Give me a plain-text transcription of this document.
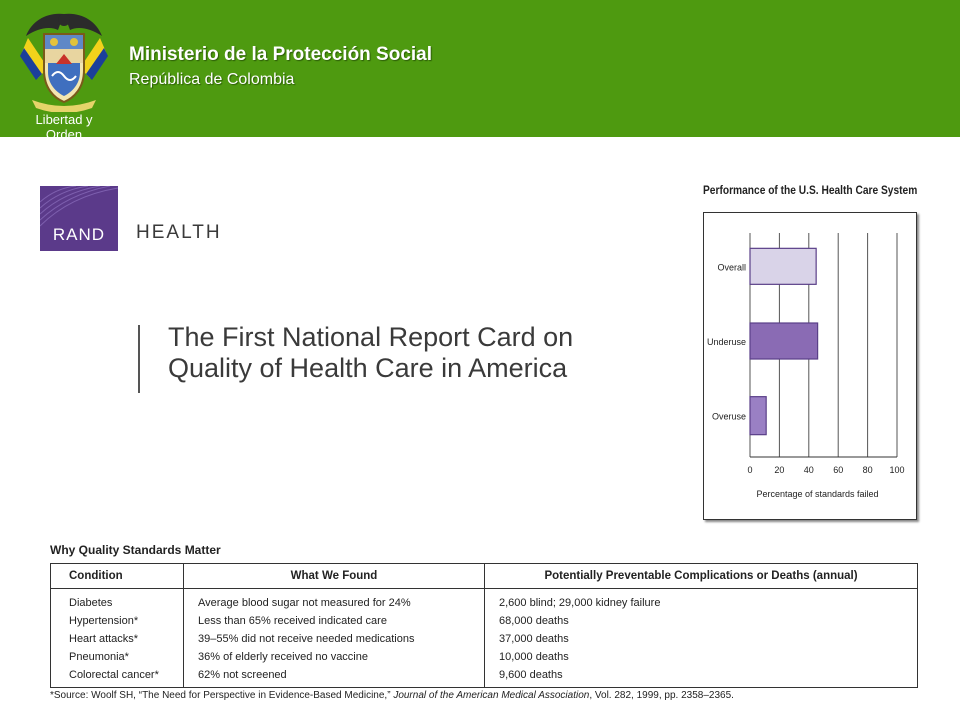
Libertad y Orden
Ministerio de la Protección Social
República de Colombia
RAND	HEALTH
The First National Report Card on
Quality of Health Care in America
Performance of the U.S. Health Care System
Overall
Underuse
Overuse
0 20 40 60 80 100
Percentage of standards failed
Why Quality Standards Matter
Condition	What We Found	Potentially Preventable Complications or Deaths (annual)
Diabetes	Average blood sugar not measured for 24%	2,600 blind; 29,000 kidney failure
Hypertension*	Less than 65% received indicated care	68,000 deaths
Heart attacks*	39–55% did not receive needed medications	37,000 deaths
Pneumonia*	36% of elderly received no vaccine	10,000 deaths
Colorectal cancer*	62% not screened	9,600 deaths
*Source: Woolf SH, “The Need for Perspective in Evidence-Based Medicine,” Journal of the American Medical Association, Vol. 282, 1999, pp. 2358–2365.
